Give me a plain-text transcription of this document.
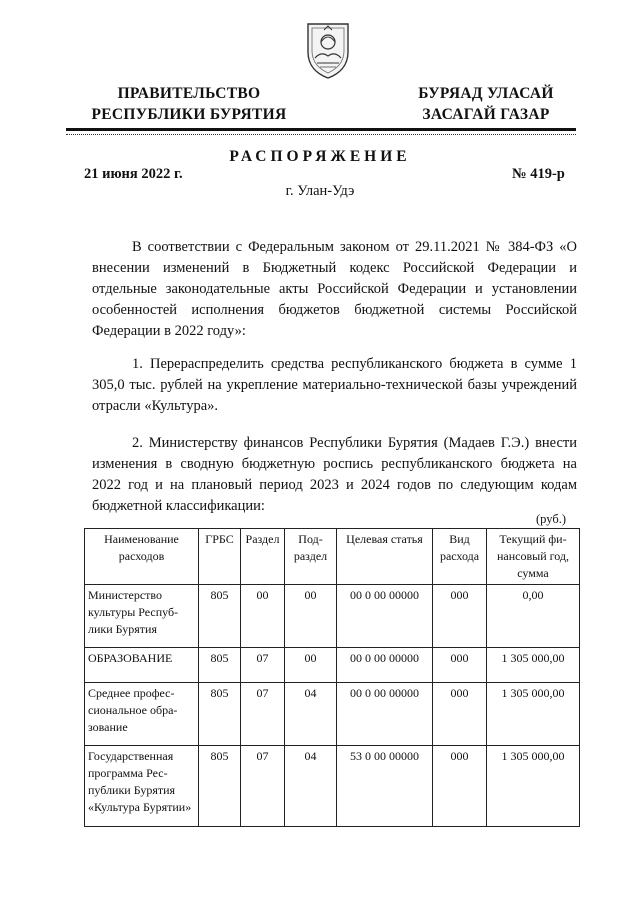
ПРАВИТЕЛЬСТВО
РЕСПУБЛИКИ БУРЯТИЯ
БУРЯАД УЛАСАЙ
ЗАСАГАЙ ГАЗАР
РАСПОРЯЖЕНИЕ
21 июня 2022 г.	№ 419-р
г. Улан-Удэ

В соответствии с Федеральным законом от 29.11.2021 № 384-ФЗ «О внесении изменений в Бюджетный кодекс Российской Федерации и отдельные законодательные акты Российской Федерации и установлении особенностей исполнения бюджетов бюджетной системы Российской Федерации в 2022 году»:

1. Перераспределить средства республиканского бюджета в сумме 1 305,0 тыс. рублей на укрепление материально-технической базы учреждений отрасли «Культура».

2. Министерству финансов Республики Бурятия (Мадаев Г.Э.) внести изменения в сводную бюджетную роспись республиканского бюджета на 2022 год и на плановый период 2023 и 2024 годов по следующим кодам бюджетной классификации:

(руб.)
Наименование расходов	ГРБС	Раздел	Подраздел	Целевая статья	Вид расхода	Текущий финансовый год, сумма
Министерство культуры Республики Бурятия	805	00	00	00 0 00 00000	000	0,00
ОБРАЗОВАНИЕ	805	07	00	00 0 00 00000	000	1 305 000,00
Среднее профессиональное образование	805	07	04	00 0 00 00000	000	1 305 000,00
Государственная программа Республики Бурятия «Культура Бурятии»	805	07	04	53 0 00 00000	000	1 305 000,00
